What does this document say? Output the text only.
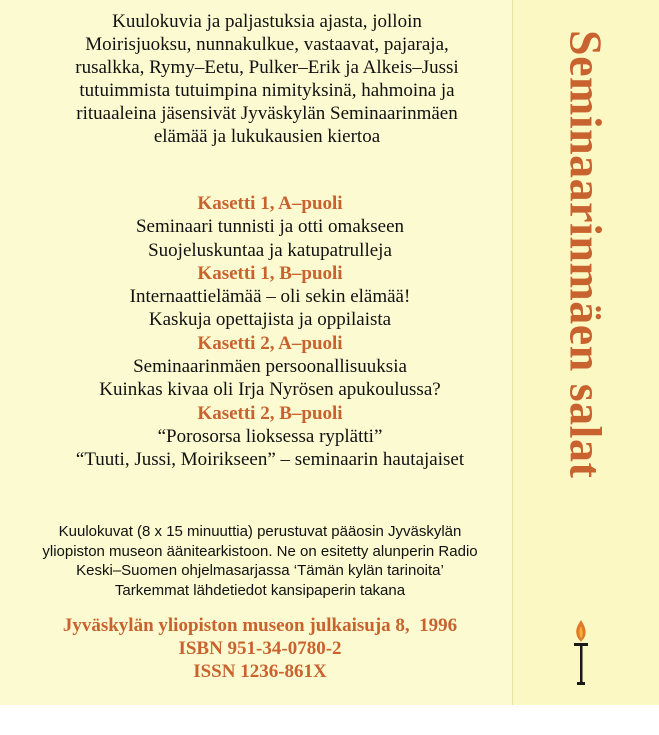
Seminaarinmäen salat
Kuulokuvia ja paljastuksia ajasta, jolloin
Moirisjuoksu, nunnakulkue, vastaavat, pajaraja,
rusalkka, Rymy–Eetu, Pulker–Erik ja Alkeis–Jussi
tutuimmista tutuimpina nimityksinä, hahmoina ja
rituaaleina jäsensivät Jyväskylän Seminaarinmäen
elämää ja lukukausien kiertoa
Kasetti 1, A–puoli
Seminaari tunnisti ja otti omakseen
Suojeluskuntaa ja katupatrulleja
Kasetti 1, B–puoli
Internaattielämää – oli sekin elämää!
Kaskuja opettajista ja oppilaista
Kasetti 2, A–puoli
Seminaarinmäen persoonallisuuksia
Kuinkas kivaa oli Irja Nyrösen apukoulussa?
Kasetti 2, B–puoli
“Porosorsa lioksessa ryplätti”
“Tuuti, Jussi, Moirikseen” – seminaarin hautajaiset
Kuulokuvat (8 x 15 minuuttia) perustuvat pääosin Jyväskylän
yliopiston museon äänitearkistoon. Ne on esitetty alunperin Radio
Keski–Suomen ohjelmasarjassa ‘Tämän kylän tarinoita’
Tarkemmat lähdetiedot kansipaperin takana
Jyväskylän yliopiston museon julkaisuja 8,  1996
ISBN 951-34-0780-2
ISSN 1236-861X
